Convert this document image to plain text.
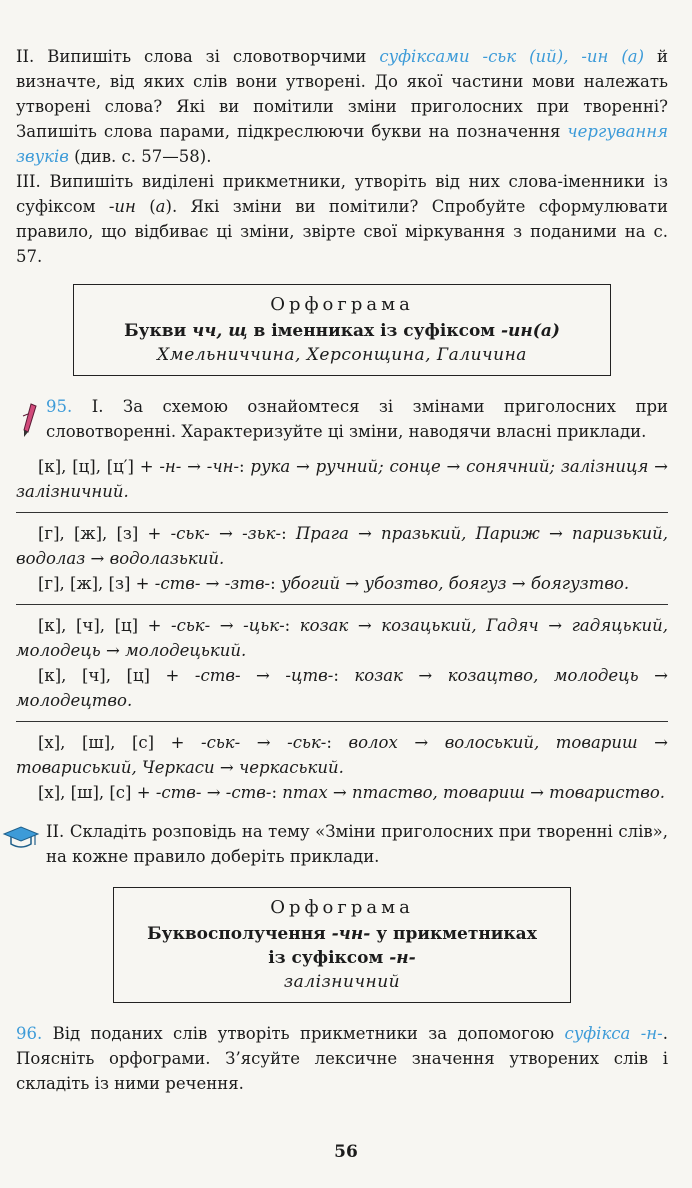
II. Випишіть слова зі словотворчими суфіксами -ськ (ий), -ин (а) й визначте, від яких слів вони утворені. До якої частини мови належать утворені слова? Які ви помітили зміни приголосних при творенні? Запишіть слова парами, підкреслюючи букви на позначення чергування звуків (див. с. 57—58).

III. Випишіть виділені прикметники, утворіть від них слова-іменники із суфіксом -ин (а). Які зміни ви помітили? Спробуйте сформулювати правило, що відбиває ці зміни, звірте свої міркування з поданими на с. 57.

Орфограма
Букви чч, щ в іменниках із суфіксом -ин(а)
Хмельниччина, Херсонщина, Галичина

95. І. За схемою ознайомтеся зі змінами приголосних при словотворенні. Характеризуйте ці зміни, наводячи власні приклади.

[к], [ц], [ц′] + -н- → -чн-: рука → ручний; сонце → сонячний; залізниця → залізничний.

[г], [ж], [з] + -ськ- → -зьк-: Прага → празький, Париж → паризький, водолаз → водолазький.

[г], [ж], [з] + -ств- → -зтв-: убогий → убозтво, боягуз → боягузтво.

[к], [ч], [ц] + -ськ- → -цьк-: козак → козацький, Гадяч → гадяцький, молодець → молодецький.

[к], [ч], [ц] + -ств- → -цтв-: козак → козацтво, молодець → молодецтво.

[х], [ш], [с] + -ськ- → -ськ-: волох → волоський, товариш → товариський, Черкаси → черкаський.

[х], [ш], [с] + -ств- → -ств-: птах → птаство, товариш → товариство.

ІІ. Складіть розповідь на тему «Зміни приголосних при творенні слів», на кожне правило доберіть приклади.

Орфограма
Буквосполучення -чн- у прикметниках
із суфіксом -н-
залізничний

96. Від поданих слів утворіть прикметники за допомогою суфікса -н-. Поясніть орфограми. З’ясуйте лексичне значення утворених слів і складіть із ними речення.

56
